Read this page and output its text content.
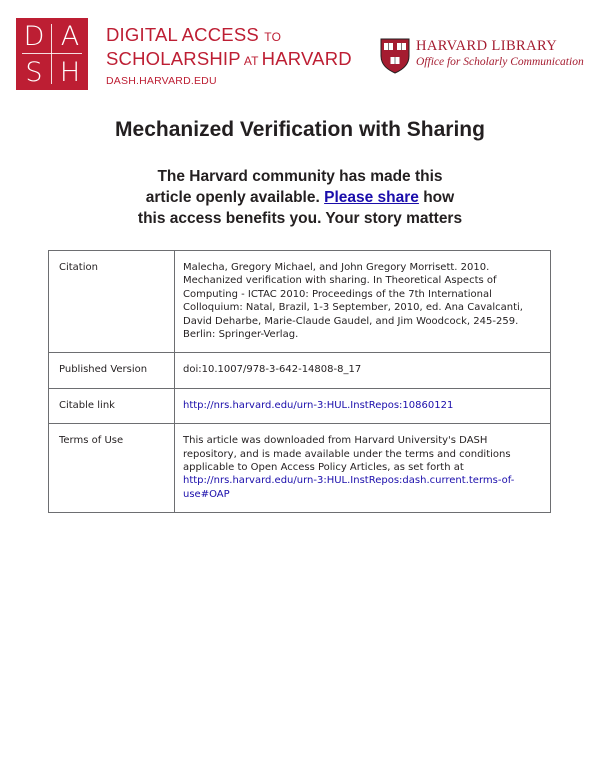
D A
S H
DIGITAL ACCESS TO
SCHOLARSHIP AT HARVARD
DASH.HARVARD.EDU
HARVARD LIBRARY
Office for Scholarly Communication
Mechanized Verification with Sharing
The Harvard community has made this
article openly available. Please share how
this access benefits you. Your story matters
Citation	Malecha, Gregory Michael, and John Gregory Morrisett. 2010. Mechanized verification with sharing. In Theoretical Aspects of Computing - ICTAC 2010: Proceedings of the 7th International Colloquium: Natal, Brazil, 1-3 September, 2010, ed. Ana Cavalcanti, David Deharbe, Marie-Claude Gaudel, and Jim Woodcock, 245-259. Berlin: Springer-Verlag.
Published Version	doi:10.1007/978-3-642-14808-8_17
Citable link	http://nrs.harvard.edu/urn-3:HUL.InstRepos:10860121
Terms of Use	This article was downloaded from Harvard University's DASH repository, and is made available under the terms and conditions applicable to Open Access Policy Articles, as set forth at http://nrs.harvard.edu/urn-3:HUL.InstRepos:dash.current.terms-of-use#OAP
